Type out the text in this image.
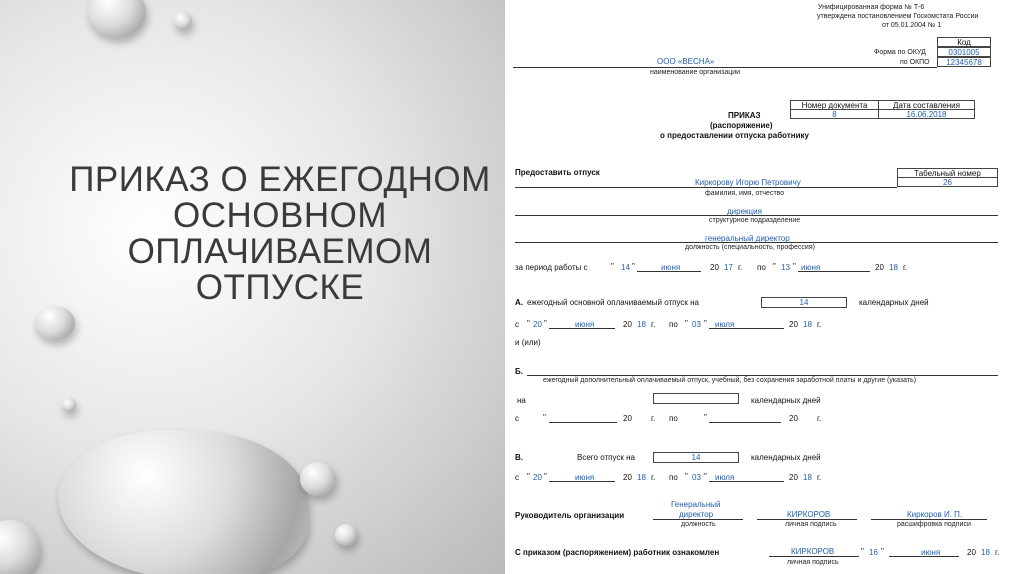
ПРИКАЗ О ЕЖЕГОДНОМ
ОСНОВНОМ
ОПЛАЧИВАЕМОМ
ОТПУСКЕ
Унифицированная форма № Т-6
утверждена постановлением Госкомстата России
от 05.01.2004 № 1
Код
Форма по ОКУД	0301005
по ОКПО	12345678
ООО «ВЕСНА»
наименование организации
Номер документа	Дата составления
8	16.06.2018
ПРИКАЗ
(распоряжение)
о предоставлении отпуска работнику
Предоставить отпуск	Табельный номер
26
Киркорову Игорю Петровичу
фамилия, имя, отчество
дирекция
структурное подразделение
генеральный директор
должность (специальность, профессия)
за период работы с	" 14 "	июня	20 17 г. по " 13 " июня	20 18 г.
А. ежегодный основной оплачиваемый отпуск на	14	календарных дней
с " 20 "	июня	20 18 г. по " 03 " июля	20 18 г.
и (или)
Б.
ежегодный дополнительный оплачиваемый отпуск, учебный, без сохранения заработной платы и другие (указать)
на	календарных дней
с	"	20 г. по	"	20 г.
В.	Всего отпуск на	14	календарных дней
с " 20 "	июня	20 18 г. по " 03 " июля	20 18 г.
Руководитель организации
Генеральный
директор
должность
КИРКОРОВ
личная подпись
Киркоров И. П.
расшифровка подписи
С приказом (распоряжением) работник ознакомлен	КИРКОРОВ
личная подпись
" 16 "	июня	20 18 г.
